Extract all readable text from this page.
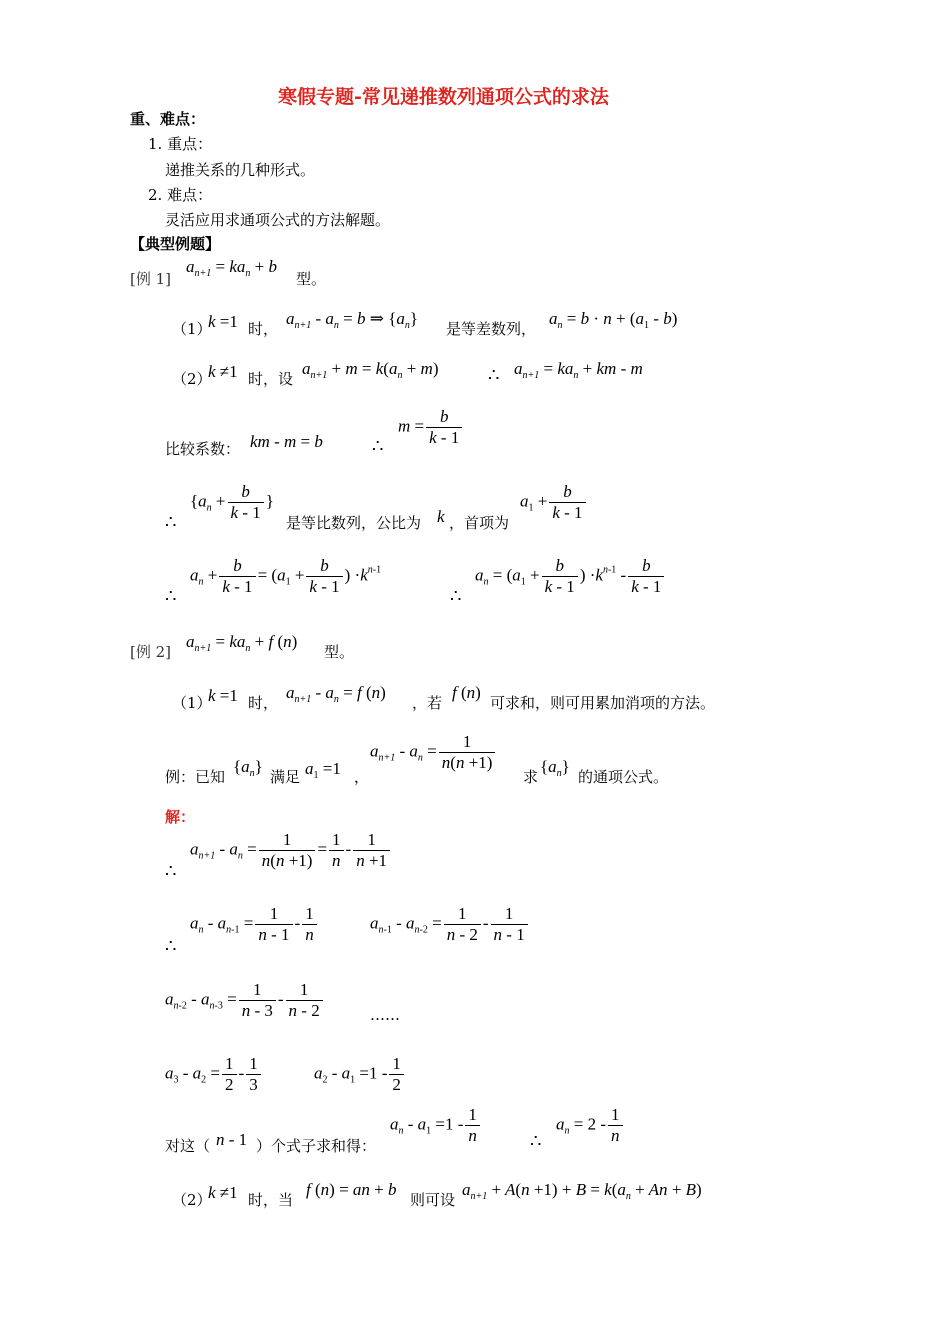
寒假专题-常见递推数列通项公式的求法
重、难点：
1. 重点：
递推关系的几种形式。
2. 难点：
灵活应用求通项公式的方法解题。
【典型例题】
[例 1]
$a_{n+1} = ka_n + b$
型。
（1）
k =1 时，
$a_{n+1} - a_n = b$ ⇒ $\{a_n\}$
是等差数列，
$a_n = b \cdot n + (a_1 - b)$
（2）
k ≠1 时，设
$a_{n+1} + m = k(a_n + m)$	∴ $a_{n+1} = ka_n$ + km - m
比较系数： km - m = b	∴
$m = \frac{b}{k - 1}$
∴
{$a_n + \frac{b}{k - 1}$ }
是等比数列，公比为 k ，首项为
$a_1 + \frac{b}{k - 1}$
∴
$a_n + \frac{b}{k - 1} = (a_1 + \frac{b}{k - 1}$ ) $\cdot k^{n-1}$
∴
$a_n = (a_1 + \frac{b}{k - 1}$ ) $\cdot k^{n-1} - \frac{b}{k - 1}$
[例 2]
$a_{n+1} = ka_n + f$ (n)
型。
（1）
k =1 时，
$a_{n+1} - a_n = f$ (n)
，若
f (n)
可求和，则可用累加消项的方法。
例：已知
$\{a_n\}$
满足 $a_1 =1$ ，
$a_{n+1} - a_n = \frac{1}{n(n +1)}$
求
$\{a_n\}$
的通项公式。
解：
∴
$a_{n+1} - a_n = \frac{1}{n(n +1)} = \frac{1}{n} - \frac{1}{n +1}$
∴
$a_n - a_{n-1} = \frac{1}{n - 1} - \frac{1}{n}$	$a_{n-1} - a_{n-2} = \frac{1}{n - 2} - \frac{1}{n - 1}$
$a_{n-2} - a_{n-3} = \frac{1}{n - 3} - \frac{1}{n - 2}$	……
$a_3 - a_2 = \frac{1}{2} - \frac{1}{3}$	$a_2 - a_1 =1 - \frac{1}{2}$
对这（ n - 1 ）个式子求和得：
$a_n - a_1 =1 - \frac{1}{n}$	∴
$a_n = 2 - \frac{1}{n}$
（2）
k ≠1 时，当
f (n) = an + b
则可设
$a_{n+1} + A(n +1) + B = k(a_n + An + B)$
